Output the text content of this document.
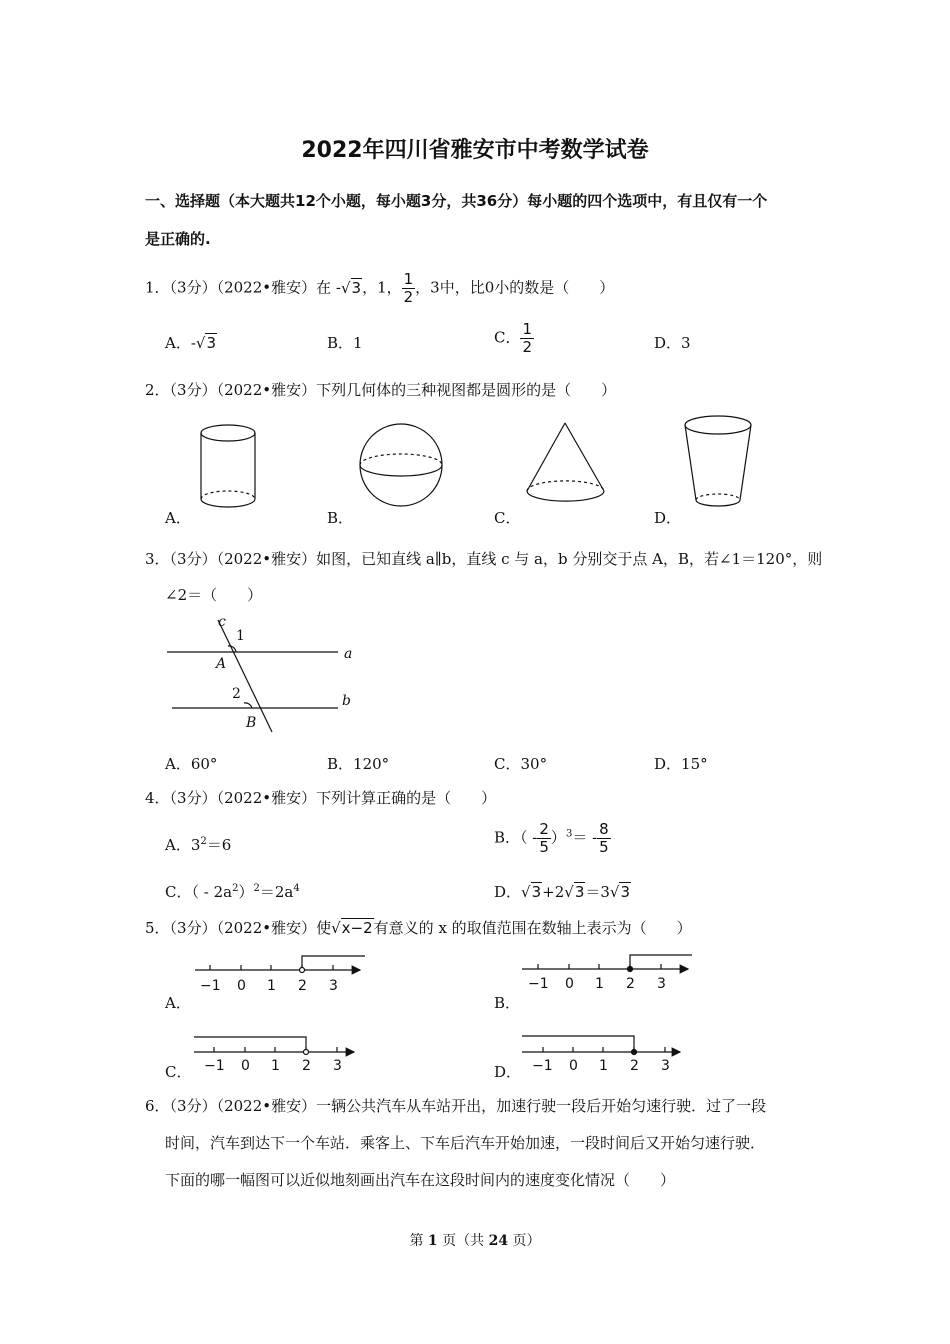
2022年四川省雅安市中考数学试卷
一、选择题（本大题共12个小题，每小题3分，共36分）每小题的四个选项中，有且仅有一个
是正确的.
1．（3分）（2022•雅安）在 -√3，1， $\frac{1}{2}$ ，3中，比0小的数是（　　）
A．-√3	B．1	C． $\frac{1}{2}$	D．3
2．（3分）（2022•雅安）下列几何体的三种视图都是圆形的是（　　）
A．	B．	C．	D．
3．（3分）（2022•雅安）如图，已知直线 a∥b，直线 c 与 a，b 分别交于点 A，B，若∠1＝120°，则
∠2＝（　　）
c
1
A
a
2	b
B
A．60°	B．120°	C．30°	D．15°
4．（3分）（2022•雅安）下列计算正确的是（　　）
A．$3^2=6$	B．（ - $\frac{2}{5} )^3= - \frac{8}{5}$
C．（ - $2a^2)^2=2a^4$	D．√3+2√3＝3√3
5．（3分）（2022•雅安）使√x−2有意义的 x 的取值范围在数轴上表示为（　　）
−1 0 1 2 3	−1 0 1 2 3
−1 0 1 2 3	−1 0 1 2 3
A．	B．
C．	D．
6．（3分）（2022•雅安）一辆公共汽车从车站开出，加速行驶一段后开始匀速行驶．过了一段
时间，汽车到达下一个车站．乘客上、下车后汽车开始加速，一段时间后又开始匀速行驶．
下面的哪一幅图可以近似地刻画出汽车在这段时间内的速度变化情况（　　）
第 1 页（共 24 页）
